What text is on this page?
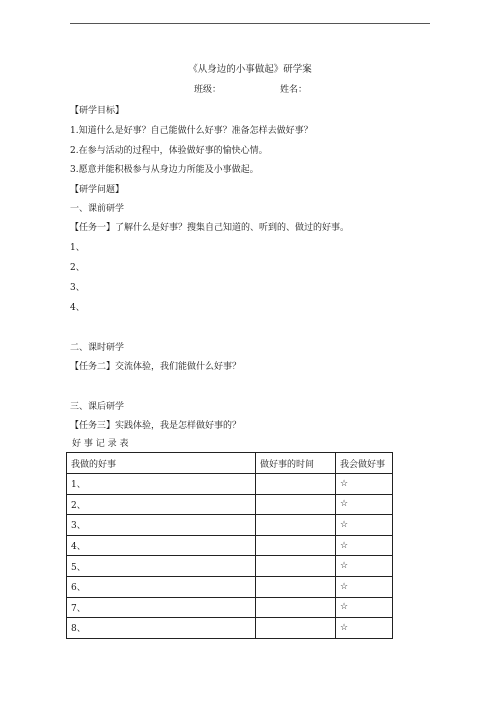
《从身边的小事做起》研学案
班级：	姓名：
【研学目标】
1.知道什么是好事？自己能做什么好事？准备怎样去做好事？
2.在参与活动的过程中，体验做好事的愉快心情。
3.愿意并能积极参与从身边力所能及小事做起。
【研学问题】
一、课前研学
【任务一】了解什么是好事？搜集自己知道的、听到的、做过的好事。
1、
2、
3、
4、
二、课时研学
【任务二】交流体验，我们能做什么好事？
三、课后研学
【任务三】实践体验，我是怎样做好事的？
好 事 记 录 表
我做的好事	做好事的时间	我会做好事
1、		☆
2、		☆
3、		☆
4、		☆
5、		☆
6、		☆
7、		☆
8、		☆
